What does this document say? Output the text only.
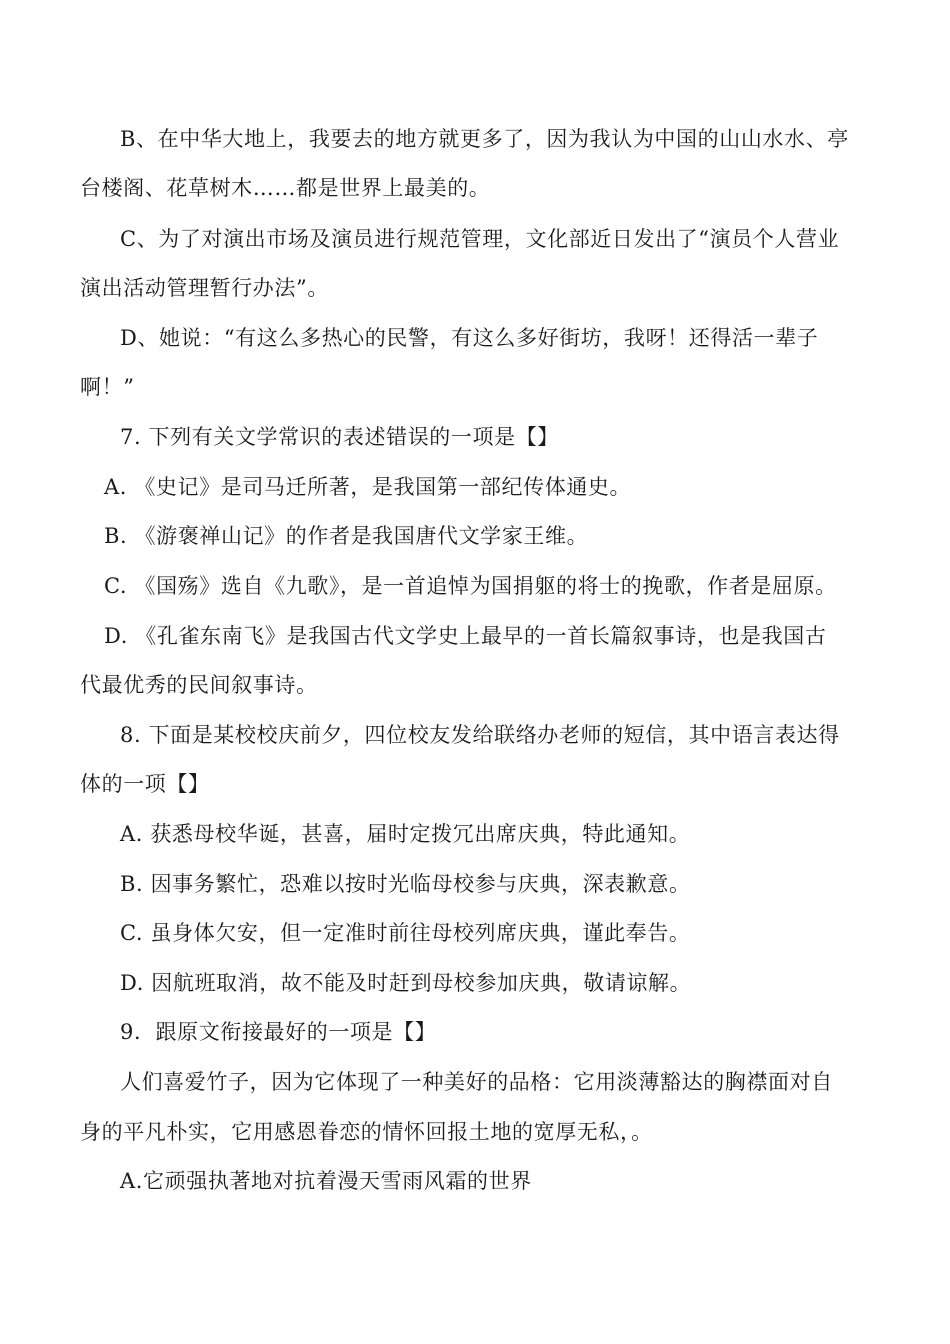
B、在中华大地上，我要去的地方就更多了，因为我认为中国的山山水水、亭
台楼阁、花草树木……都是世界上最美的。
C、为了对演出市场及演员进行规范管理，文化部近日发出了“演员个人营业
演出活动管理暂行办法”。
D、她说：“有这么多热心的民警，有这么多好街坊，我呀！还得活一辈子
啊！”
7. 下列有关文学常识的表述错误的一项是【】
A. 《史记》是司马迁所著，是我国第一部纪传体通史。
B. 《游褒禅山记》的作者是我国唐代文学家王维。
C. 《国殇》选自《九歌》，是一首追悼为国捐躯的将士的挽歌，作者是屈原。
D. 《孔雀东南飞》是我国古代文学史上最早的一首长篇叙事诗，也是我国古
代最优秀的民间叙事诗。
8. 下面是某校校庆前夕，四位校友发给联络办老师的短信，其中语言表达得
体的一项【】
A. 获悉母校华诞，甚喜，届时定拨冗出席庆典，特此通知。
B. 因事务繁忙，恐难以按时光临母校参与庆典，深表歉意。
C. 虽身体欠安，但一定准时前往母校列席庆典，谨此奉告。
D. 因航班取消，故不能及时赶到母校参加庆典，敬请谅解。
9．跟原文衔接最好的一项是【】
人们喜爱竹子，因为它体现了一种美好的品格：它用淡薄豁达的胸襟面对自
身的平凡朴实，它用感恩眷恋的情怀回报土地的宽厚无私，。
A.它顽强执著地对抗着漫天雪雨风霜的世界
